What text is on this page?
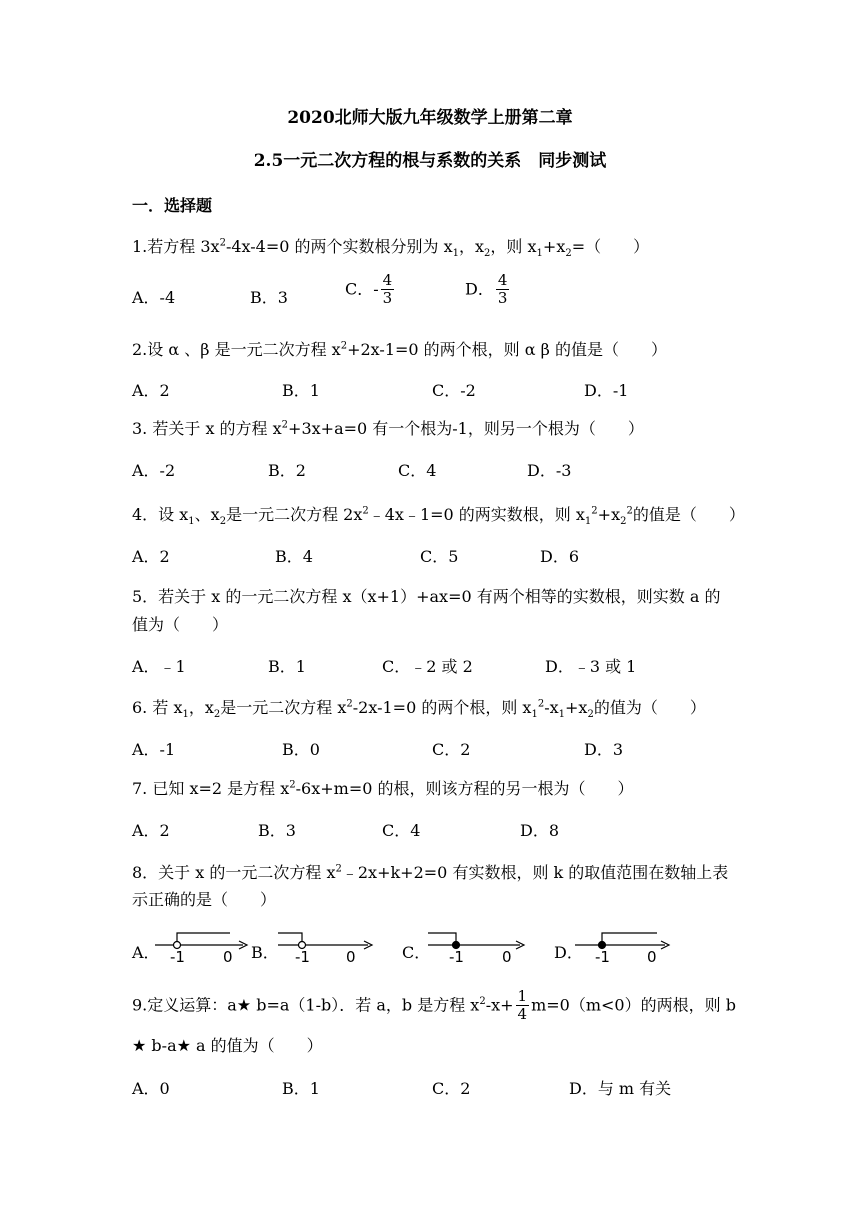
2020北师大版九年级数学上册第二章
2.5一元二次方程的根与系数的关系　同步测试
一．选择题
1.若方程 $3x^2-4x-4=0$ 的两个实数根分别为 $x_1$，$x_2$，则 $x_1+x_2=$（　　）
A．-4	B．3	C．- $\frac{4}{3}$	D． $\frac{4}{3}$
2.设 α 、β 是一元二次方程 $x^2+2x-1=0$ 的两个根，则 α β 的值是（　　）
A．2	B．1	C．-2	D．-1
3. 若关于 x 的方程 $x^2+3x+a=0$ 有一个根为-1，则另一个根为（　　）
A．-2	B．2	C．4	D．-3
4．设 $x_1$、$x_2$是一元二次方程 $2x^2﹣4x﹣1=0$ 的两实数根，则 $x_1^2+x_2^2$的值是（　　）
A．2	B．4	C．5	D．6
5．若关于 x 的一元二次方程 x（x+1）+ax=0 有两个相等的实数根，则实数 a 的
值为（　　）
A．﹣1	B．1	C．﹣2 或 2	D．﹣3 或 1
6. 若 $x_1$，$x_2$是一元二次方程 $x^2-2x-1=0$ 的两个根，则 $x_1^2-x_1+x_2$的值为（　　）
A．-1	B．0	C．2	D．3
7. 已知 x=2 是方程 $x^2-6x+m=0$ 的根，则该方程的另一根为（　　）
A．2	B．3	C．4	D．8
8．关于 x 的一元二次方程 $x^2﹣2x+k+2=0$ 有实数根，则 k 的取值范围在数轴上表
示正确的是（　　）
A．	B．	C．	D．
-1	0	-1 0	-1	0	-1 0
9.定义运算：a★ b=a（1-b）．若 a，b 是方程 $x^2-x+ \frac{1}{4} m=0(m<0)$的两根，则 b
★ b-a★ a 的值为（　　）
A．0	B．1	C．2	D．与 m 有关
